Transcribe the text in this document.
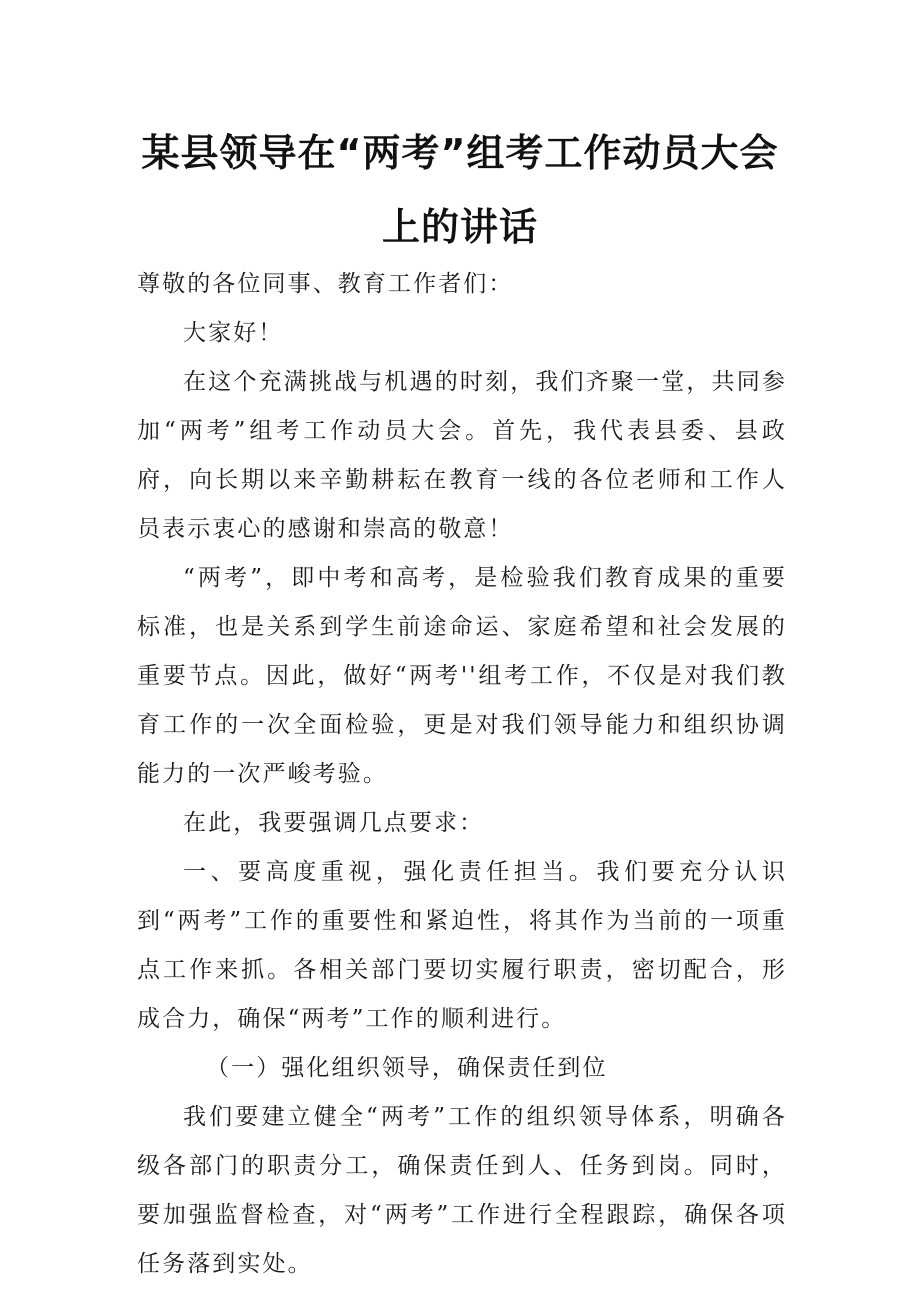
某县领导在“两考”组考工作动员大会
上的讲话

尊敬的各位同事、教育工作者们：

大家好！

在这个充满挑战与机遇的时刻，我们齐聚一堂，共同参加“两考”组考工作动员大会。首先，我代表县委、县政府，向长期以来辛勤耕耘在教育一线的各位老师和工作人员表示衷心的感谢和崇高的敬意！

“两考”，即中考和高考，是检验我们教育成果的重要标准，也是关系到学生前途命运、家庭希望和社会发展的重要节点。因此，做好“两考''组考工作，不仅是对我们教育工作的一次全面检验，更是对我们领导能力和组织协调能力的一次严峻考验。

在此，我要强调几点要求：

一、要高度重视，强化责任担当。我们要充分认识到“两考”工作的重要性和紧迫性，将其作为当前的一项重点工作来抓。各相关部门要切实履行职责，密切配合，形成合力，确保“两考”工作的顺利进行。

（一）强化组织领导，确保责任到位

我们要建立健全“两考”工作的组织领导体系，明确各级各部门的职责分工，确保责任到人、任务到岗。同时，要加强监督检查，对“两考”工作进行全程跟踪，确保各项任务落到实处。
